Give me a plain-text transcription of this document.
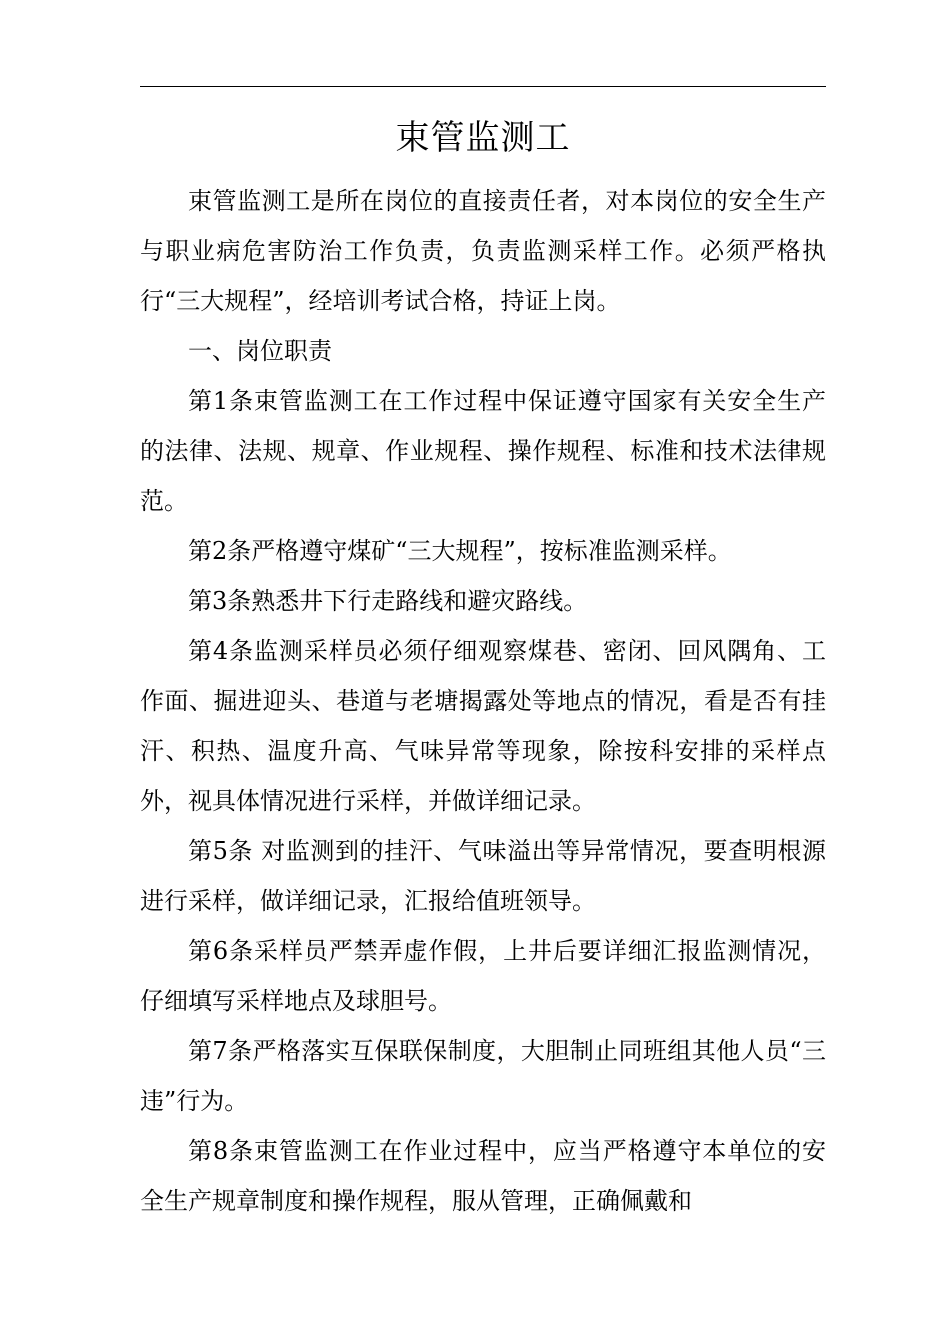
束管监测工

束管监测工是所在岗位的直接责任者，对本岗位的安全生产与职业病危害防治工作负责，负责监测采样工作。必须严格执行“三大规程”，经培训考试合格，持证上岗。

一、岗位职责

第1条束管监测工在工作过程中保证遵守国家有关安全生产的法律、法规、规章、作业规程、操作规程、标准和技术法律规范。

第2条严格遵守煤矿“三大规程”，按标准监测采样。

第3条熟悉井下行走路线和避灾路线。

第4条监测采样员必须仔细观察煤巷、密闭、回风隅角、工作面、掘进迎头、巷道与老塘揭露处等地点的情况，看是否有挂汗、积热、温度升高、气味异常等现象，除按科安排的采样点外，视具体情况进行采样，并做详细记录。

第5条 对监测到的挂汗、气味溢出等异常情况，要查明根源进行采样，做详细记录，汇报给值班领导。

第6条采样员严禁弄虚作假，上井后要详细汇报监测情况，仔细填写采样地点及球胆号。

第7条严格落实互保联保制度，大胆制止同班组其他人员“三违”行为。

第8条束管监测工在作业过程中，应当严格遵守本单位的安全生产规章制度和操作规程，服从管理，正确佩戴和
